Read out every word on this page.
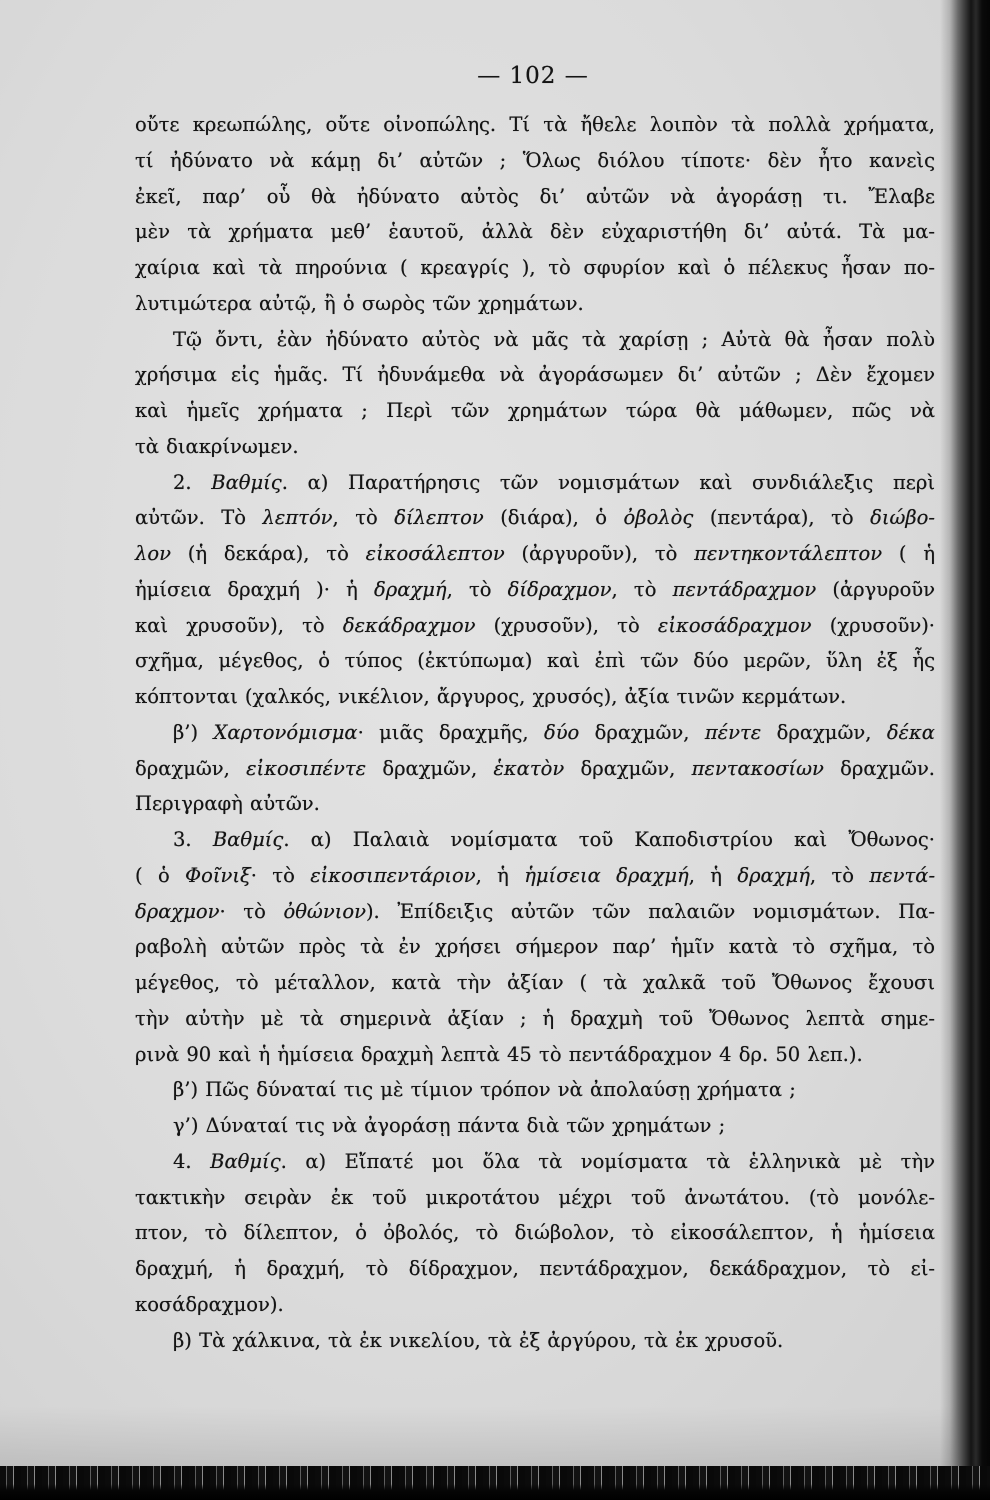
— 102 —
οὔτε κρεωπώλης, οὔτε οἰνοπώλης. Τί τὰ ἤθελε λοιπὸν τὰ πολλὰ χρήματα,
τί ἠδύνατο νὰ κάμῃ δι’ αὐτῶν ; Ὅλως διόλου τίποτε· δὲν ἦτο κανεὶς
ἐκεῖ, παρ’ οὗ θὰ ἠδύνατο αὐτὸς δι’ αὐτῶν νὰ ἀγοράσῃ τι. Ἔλαβε
μὲν τὰ χρήματα μεθ’ ἑαυτοῦ, ἀλλὰ δὲν εὐχαριστήθη δι’ αὐτά. Τὰ μα-
χαίρια καὶ τὰ πηρούνια ( κρεαγρίς ), τὸ σφυρίον καὶ ὁ πέλεκυς ἦσαν πο-
λυτιμώτερα αὐτῷ, ἢ ὁ σωρὸς τῶν χρημάτων.
Τῷ ὄντι, ἐὰν ἠδύνατο αὐτὸς νὰ μᾶς τὰ χαρίσῃ ; Αὐτὰ θὰ ἦσαν πολὺ
χρήσιμα εἰς ἡμᾶς. Τί ἠδυνάμεθα νὰ ἀγοράσωμεν δι’ αὐτῶν ; Δὲν ἔχομεν
καὶ ἡμεῖς χρήματα ; Περὶ τῶν χρημάτων τώρα θὰ μάθωμεν, πῶς νὰ
τὰ διακρίνωμεν.
2. Βαθμίς. α) Παρατήρησις τῶν νομισμάτων καὶ συνδιάλεξις περὶ
αὐτῶν. Τὸ λεπτόν, τὸ δίλεπτον (διάρα), ὁ ὀβολὸς (πεντάρα), τὸ διώβο-
λον (ἡ δεκάρα), τὸ εἰκοσάλεπτον (ἀργυροῦν), τὸ πεντηκοντάλεπτον ( ἡ
ἡμίσεια δραχμή )· ἡ δραχμή, τὸ δίδραχμον, τὸ πεντάδραχμον (ἀργυροῦν
καὶ χρυσοῦν), τὸ δεκάδραχμον (χρυσοῦν), τὸ εἰκοσάδραχμον (χρυσοῦν)·
σχῆμα, μέγεθος, ὁ τύπος (ἐκτύπωμα) καὶ ἐπὶ τῶν δύο μερῶν, ὕλη ἐξ ἧς
κόπτονται (χαλκός, νικέλιον, ἄργυρος, χρυσός), ἀξία τινῶν κερμάτων.
β’) Χαρτονόμισμα· μιᾶς δραχμῆς, δύο δραχμῶν, πέντε δραχμῶν, δέκα
δραχμῶν, εἰκοσιπέντε δραχμῶν, ἑκατὸν δραχμῶν, πεντακοσίων δραχμῶν.
Περιγραφὴ αὐτῶν.
3. Βαθμίς. α) Παλαιὰ νομίσματα τοῦ Καποδιστρίου καὶ Ὄθωνος·
( ὁ Φοῖνιξ· τὸ εἰκοσιπεντάριον, ἡ ἡμίσεια δραχμή, ἡ δραχμή, τὸ πεντά-
δραχμον· τὸ ὀθώνιον). Ἐπίδειξις αὐτῶν τῶν παλαιῶν νομισμάτων. Πα-
ραβολὴ αὐτῶν πρὸς τὰ ἐν χρήσει σήμερον παρ’ ἡμῖν κατὰ τὸ σχῆμα, τὸ
μέγεθος, τὸ μέταλλον, κατὰ τὴν ἀξίαν ( τὰ χαλκᾶ τοῦ Ὄθωνος ἔχουσι
τὴν αὐτὴν μὲ τὰ σημερινὰ ἀξίαν ; ἡ δραχμὴ τοῦ Ὄθωνος λεπτὰ σημε-
ρινὰ 90 καὶ ἡ ἡμίσεια δραχμὴ λεπτὰ 45 τὸ πεντάδραχμον 4 δρ. 50 λεπ.).
β’) Πῶς δύναταί τις μὲ τίμιον τρόπον νὰ ἀπολαύσῃ χρήματα ;
γ’) Δύναταί τις νὰ ἀγοράσῃ πάντα διὰ τῶν χρημάτων ;
4. Βαθμίς. α) Εἴπατέ μοι ὅλα τὰ νομίσματα τὰ ἑλληνικὰ μὲ τὴν
τακτικὴν σειρὰν ἐκ τοῦ μικροτάτου μέχρι τοῦ ἀνωτάτου. (τὸ μονόλε-
πτον, τὸ δίλεπτον, ὁ ὀβολός, τὸ διώβολον, τὸ εἰκοσάλεπτον, ἡ ἡμίσεια
δραχμή, ἡ δραχμή, τὸ δίδραχμον, πεντάδραχμον, δεκάδραχμον, τὸ εἰ-
κοσάδραχμον).
β) Τὰ χάλκινα, τὰ ἐκ νικελίου, τὰ ἐξ ἀργύρου, τὰ ἐκ χρυσοῦ.
